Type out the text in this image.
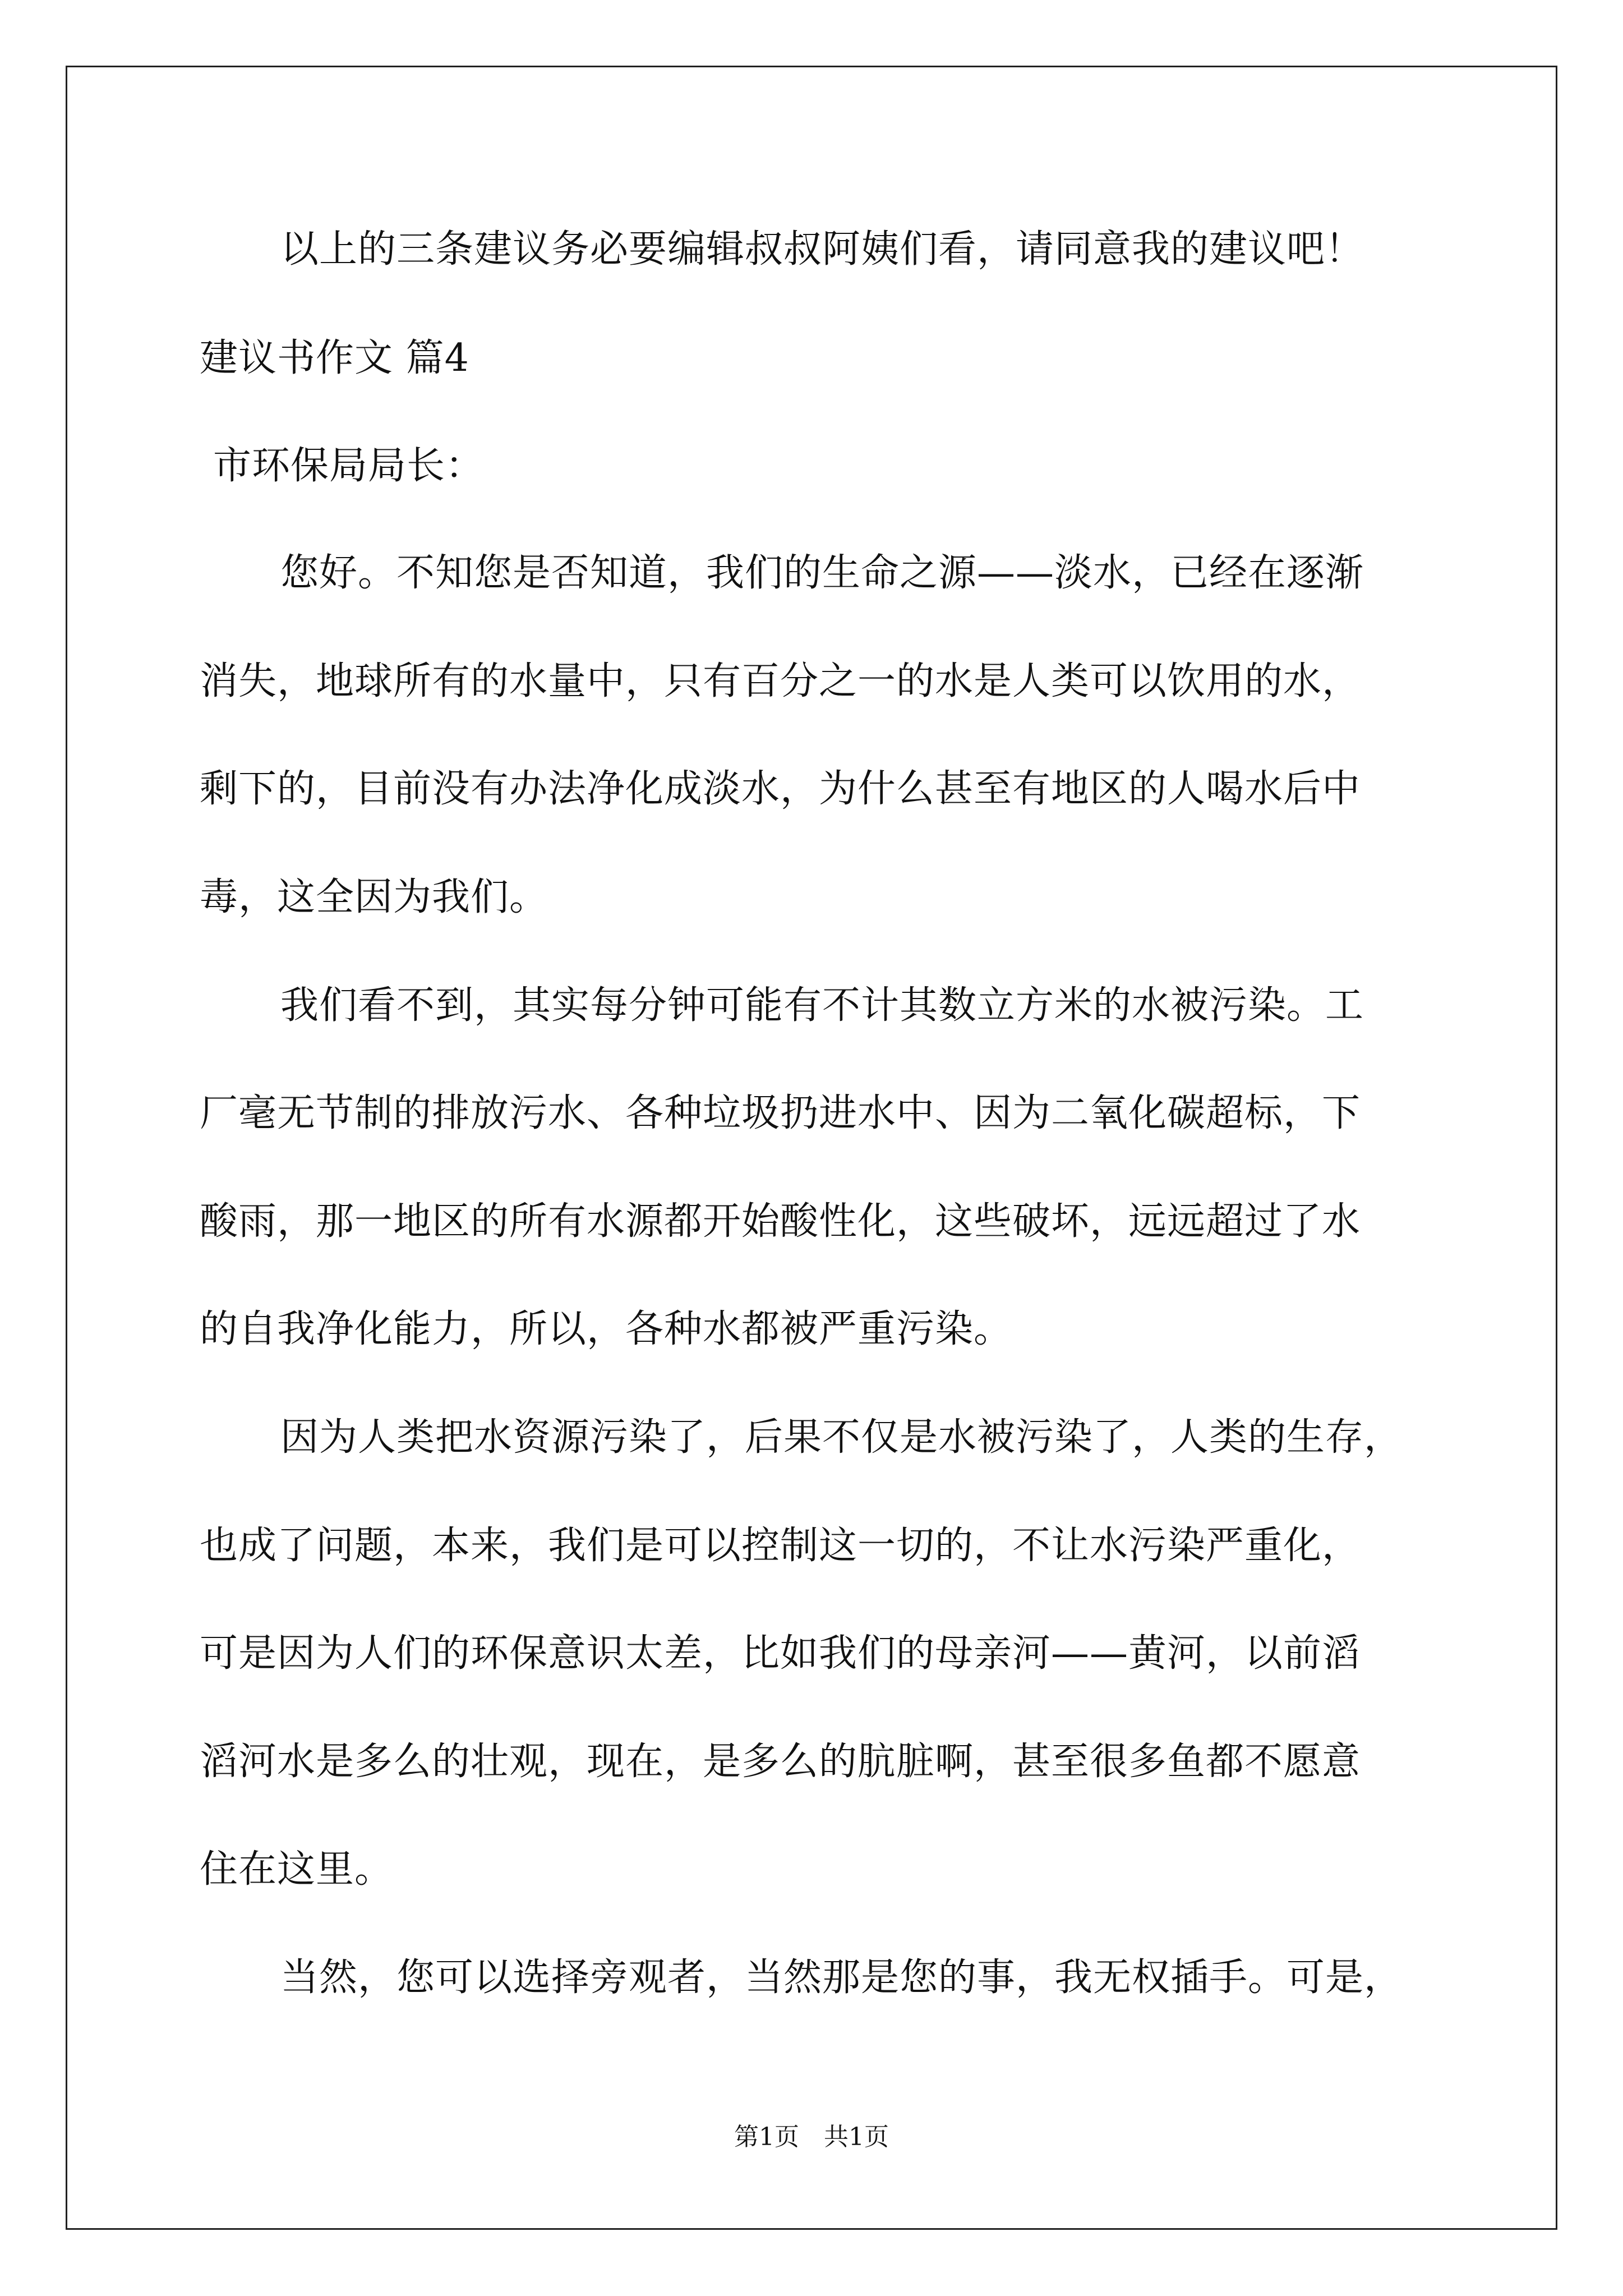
以上的三条建议务必要编辑叔叔阿姨们看，请同意我的建议吧！
建议书作文 篇4
市环保局局长：
您好。不知您是否知道，我们的生命之源——淡水，已经在逐渐
消失，地球所有的水量中，只有百分之一的水是人类可以饮用的水，
剩下的，目前没有办法净化成淡水，为什么甚至有地区的人喝水后中
毒，这全因为我们。
我们看不到，其实每分钟可能有不计其数立方米的水被污染。工
厂毫无节制的排放污水、各种垃圾扔进水中、因为二氧化碳超标，下
酸雨，那一地区的所有水源都开始酸性化，这些破坏，远远超过了水
的自我净化能力，所以，各种水都被严重污染。
因为人类把水资源污染了，后果不仅是水被污染了，人类的生存，
也成了问题，本来，我们是可以控制这一切的，不让水污染严重化，
可是因为人们的环保意识太差，比如我们的母亲河——黄河，以前滔
滔河水是多么的壮观，现在，是多么的肮脏啊，甚至很多鱼都不愿意
住在这里。
当然，您可以选择旁观者，当然那是您的事，我无权插手。可是，
第1页　共1页
